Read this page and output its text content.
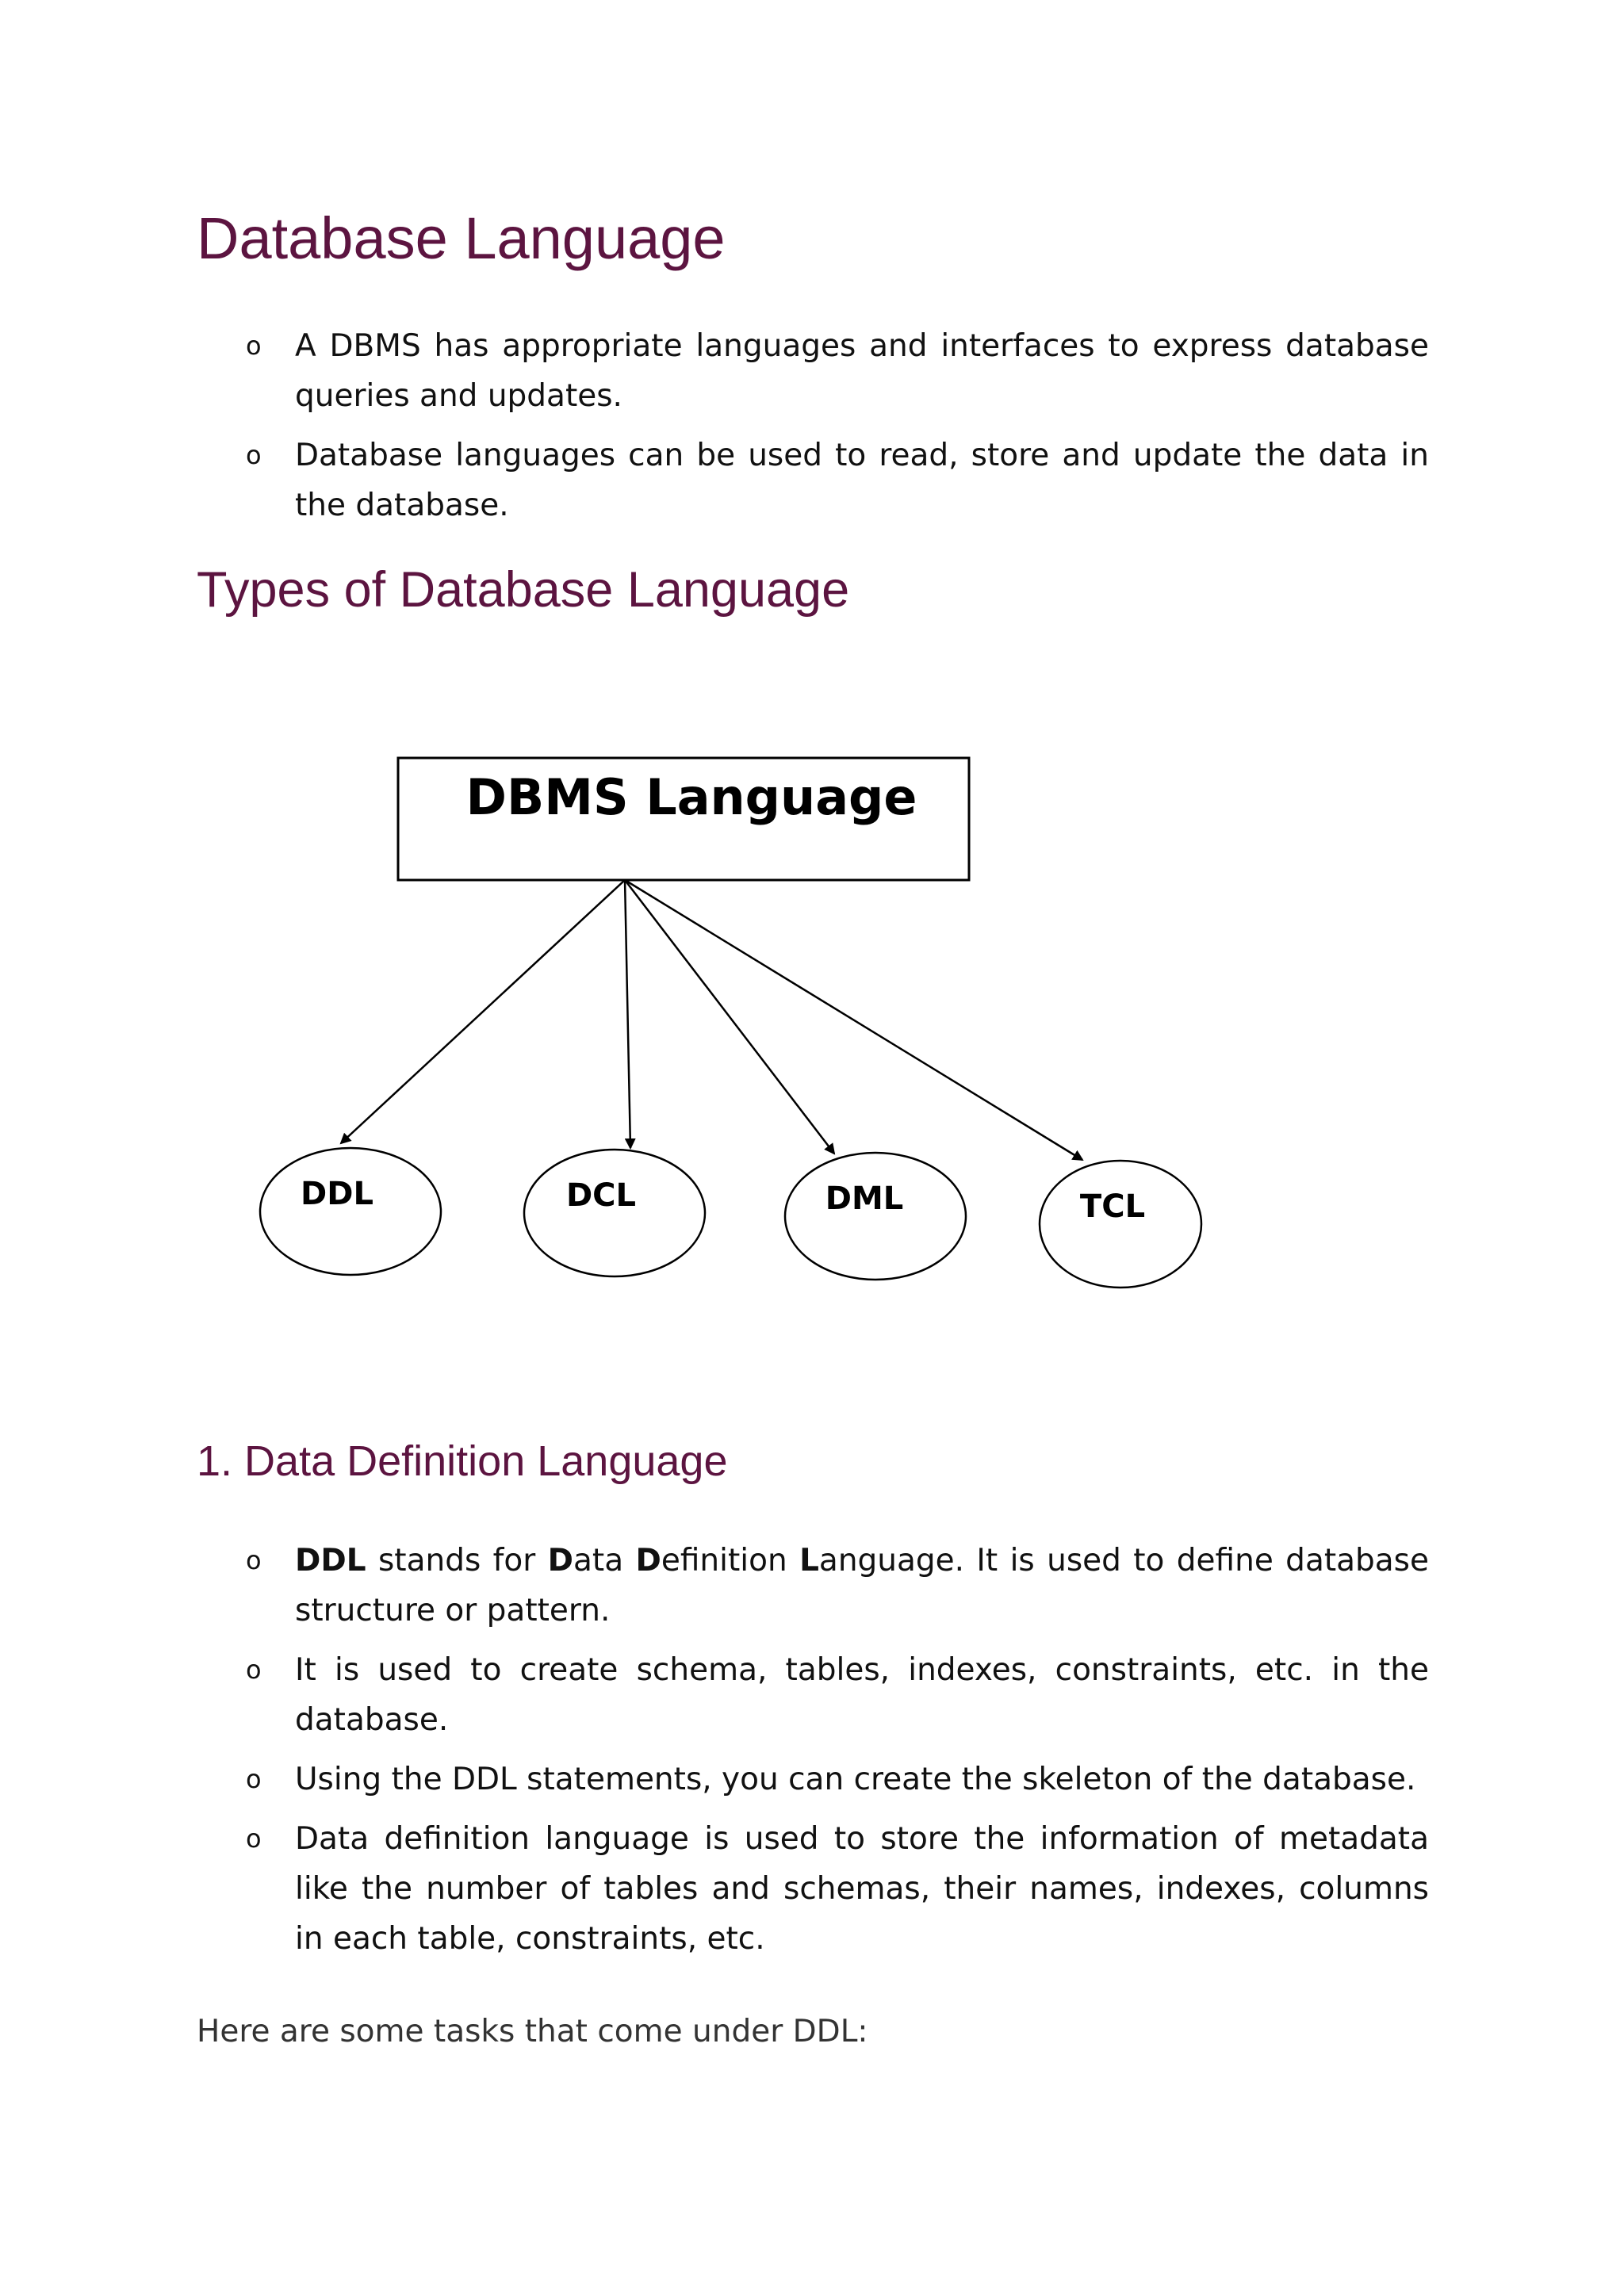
Database Language
o A DBMS has appropriate languages and interfaces to express database queries and updates.
o Database languages can be used to read, store and update the data in the database.
Types of Database Language
DBMS Language
DDL	DCL	DML	TCL
1. Data Definition Language
o DDL stands for Data Definition Language. It is used to define database structure or pattern.
o It is used to create schema, tables, indexes, constraints, etc. in the database.
o Using the DDL statements, you can create the skeleton of the database.
o Data definition language is used to store the information of metadata like the number of tables and schemas, their names, indexes, columns in each table, constraints, etc.
Here are some tasks that come under DDL:
